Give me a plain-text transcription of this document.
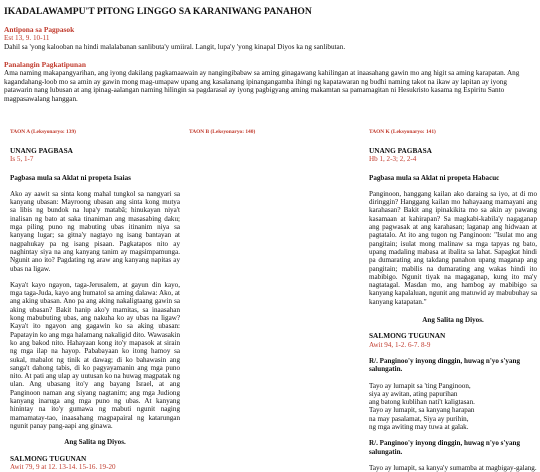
IKADALAWAMPU'T PITONG LINGGO SA KARANIWANG PANAHON
Antipona sa Pagpasok
Est 13, 9. 10-11
Dahil sa 'yong kalooban na hindi malalabanan sanlibuta'y umiiral. Langit, lupa'y 'yong kinapal Diyos ka ng sanlibutan.
Panalangin Pagkatipunan
Ama naming makapangyarihan, ang iyong dakilang pagkamaawain ay nangingibabaw sa aming ginagawang kahilingan at inaasahang gawin mo ang higit sa aming karapatan. Ang kagandahang-loob mo sa amin ay gawin mong mag-umapaw upang ang kasalanang ipinangangamba ihingi ng kapatawaran ng budhi naming takot na ikaw ay lapitan ay iyong patawarin nang lubusan at ang ipinag-aalangan naming hilingin sa pagdarasal ay iyong pagbigyang aming makamtan sa pamamagitan ni Hesukristo kasama ng Espiritu Santo magpasawalang hanggan.
TAON A (Leksyonaryo: 139)
UNANG PAGBASA
Is 5, 1-7
Pagbasa mula sa Aklat ni propeta Isaias
Ako ay aawit sa sinta kong mahal tungkol sa nangyari sa kanyang ubasan: Mayroong ubasan ang sinta kong mutya sa libis ng bundok na lupa'y matabâ; hinukayan niya't inalisan ng bato at saka tinaniman ang masasabing daku; mga piling puno ng mabuting ubas itinanim niya sa kanyang lugar; sa gitna'y nagtayo ng isang bantayan at nagpahukay pa ng isang pisaan. Pagkatapos nito ay naghintay siya na ang kanyang tanim ay magsimpamunga. Ngunit ano ito? Pagdating ng araw ang kanyang napitas ay ubas na ligaw.
Kaya't kayo ngayon, taga-Jerusalem, at gayun din kayo, mga taga-Juda, kayo ang humatol sa aming dalawa: Ako, at ang aking ubasan. Ano pa ang aking nakaligtaang gawin sa aking ubasan? Bakit hanip ako'y mamitas, sa inaasahan kong mabubuting ubas, ang nakuha ko ay ubas na ligaw? Kaya't ito ngayon ang gagawin ko sa aking ubasan: Papatayin ko ang mga halamang nakaligid dito. Wawasakin ko ang bakod nito. Hahayaan kong ito'y mapasok at sirain ng mga ilap na hayop. Pababayaan ko itong hamoy sa sukal, mabalot ng tinik at dawag; di ko bahawasin ang sanga't dahong tabis, di ko pagyayamanin ang mga puno nito. At pati ang ulap ay uutusan ko na huwag magpatak ng ulan. Ang ubasang ito'y ang bayang Israel, at ang Panginoon naman ang siyang nagtanim; ang mga Judiong kanyang inaruga ang mga puno ng ubas. At kanyang hinintay na ito'y gumawa ng mabuti ngunit naging mamamatay-tao, inaasahang magpapairal ng katarungan ngunit panay pang-aapi ang ginawa.
Ang Salita ng Diyos.
SALMONG TUGUNAN
Awit 79, 9 at 12. 13-14. 15-16. 19-20
TAON B (Leksyonaryo: 140)	TAON K (Leksyonaryo: 141)
UNANG PAGBASA
Hb 1, 2-3; 2, 2-4
Pagbasa mula sa Aklat ni propeta Habacuc
Panginoon, hanggang kailan ako daraing sa iyo, at di mo diringgin? Hanggang kailan mo hahayaang mamayani ang karahasan? Bakit ang ipinakikita mo sa akin ay pawang kasamaan at kahirapan? Sa magkabi-kabila'y nagaganap ang pagwasak at ang karahasan; laganap ang hidwaan at pagtatalo. At ito ang tugon ng Panginoon: "Isulat mo ang pangitain; isulat mong malinaw sa mga tapyas ng bato, upang madaling mabasa at ibalita sa lahat. Sapagkat hindi pa dumarating ang takdang panahon upang maganap ang pangitain; mabilis na dumarating ang wakas hindi ito mabibigo. Ngunit tiyak na magaganap, kung ito ma'y nagtatagal. Masdan mo, ang hambog ay mabibigo sa kanyang kapalaluan, ngunit ang matuwid ay mabubuhay sa kanyang katapatan."
Ang Salita ng Diyos.
SALMONG TUGUNAN
Awit 94, 1-2. 6-7. 8-9
R/. Panginoo'y inyong dinggin, huwag n'yo s'yang salungatin.
Tayo ay lumapit sa 'ting Panginoon,
siya ay awitan, ating papurihan
ang batong kublihan nati't kaligtasan.
Tayo ay lumapit, sa kanyang harapan
na may pasalamat, Siya ay purihin,
ng mga awiting may tuwa at galak.
R/. Panginoo'y inyong dinggin, huwag n'yo s'yang salungatin.
Tayo ay lumapit, sa kanya'y sumamba at magbigay-galang.
